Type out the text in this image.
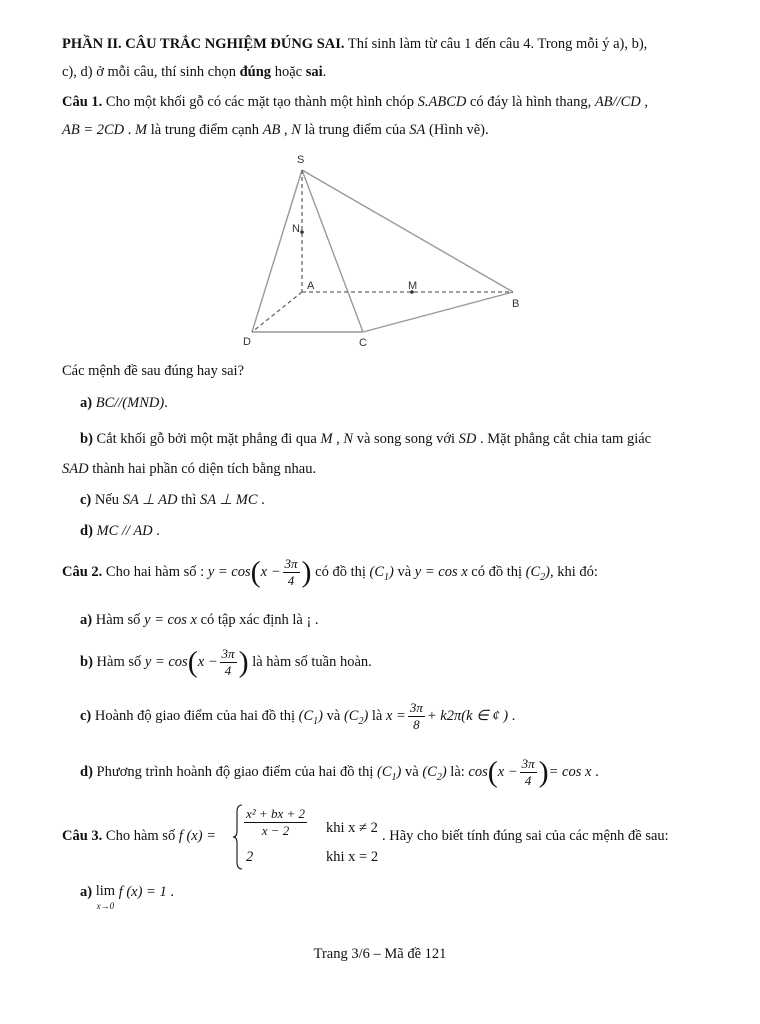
PHẦN II. CÂU TRẮC NGHIỆM ĐÚNG SAI. Thí sinh làm từ câu 1 đến câu 4. Trong mỗi ý a), b),
c), d) ở mỗi câu, thí sinh chọn đúng hoặc sai.
Câu 1. Cho một khối gỗ có các mặt tạo thành một hình chóp S.ABCD có đáy là hình thang, AB//CD ,
AB = 2CD . M là trung điểm cạnh AB , N là trung điểm của SA (Hình vẽ).
S
N
A	M
B
D	C
Các mệnh đề sau đúng hay sai?
a) BC//(MND).
b) Cắt khối gỗ bởi một mặt phẳng đi qua M , N và song song với SD . Mặt phẳng cắt chia tam giác
SAD thành hai phần có diện tích bằng nhau.
c) Nếu SA ⊥ AD thì SA ⊥ MC .
d) MC // AD .
Câu 2. Cho hai hàm số : $y = \cos(x - \frac{3\pi}{4}$ ) có đồ thị $(C_1)$ và y = cos x có đồ thị $(C_2)$, khi đó:
a) Hàm số y = cos x có tập xác định là ¡ .
b) Hàm số $y = \cos(x - \frac{3\pi}{4}$ ) là hàm số tuần hoàn.
c) Hoành độ giao điểm của hai đồ thị $(C_1)$ và $(C_2)$ là $x = \frac{3\pi}{8} + k2\pi(k$ ∈ ¢ ) .
d) Phương trình hoành độ giao điểm của hai đồ thị $(C_1)$ và $(C_2)$ là: $\cos(x - \frac{3\pi}{4}$ )= cos x .
Câu 3. Cho hàm số f $(x) = \frac{\text{x² + bx + 2}}{x - 2}$ khi x ≠ 2
2	khi x = 2
. Hãy cho biết tính đúng sai của các mệnh đề sau:
a) lim
x→0 f (x) = 1 .
Trang 3/6 – Mã đề 121
